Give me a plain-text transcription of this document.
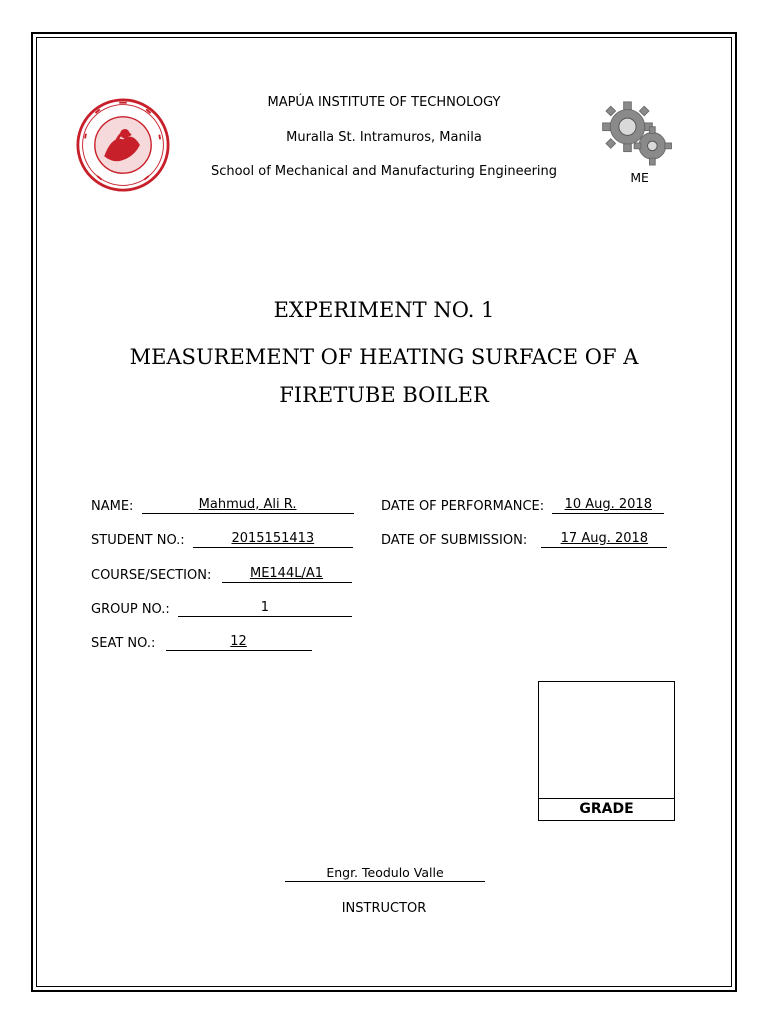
ME
MAPÚA INSTITUTE OF TECHNOLOGY
Muralla St. Intramuros, Manila
School of Mechanical and Manufacturing Engineering
EXPERIMENT NO. 1
MEASUREMENT OF HEATING SURFACE OF A
FIRETUBE BOILER
NAME:	Mahmud, Ali R.
STUDENT NO.:	2015151413
COURSE/SECTION:	ME144L/A1
GROUP NO.:	1
SEAT NO.:	12
DATE OF PERFORMANCE: 10 Aug. 2018
DATE OF SUBMISSION:	17 Aug. 2018
GRADE
Engr. Teodulo Valle
INSTRUCTOR
